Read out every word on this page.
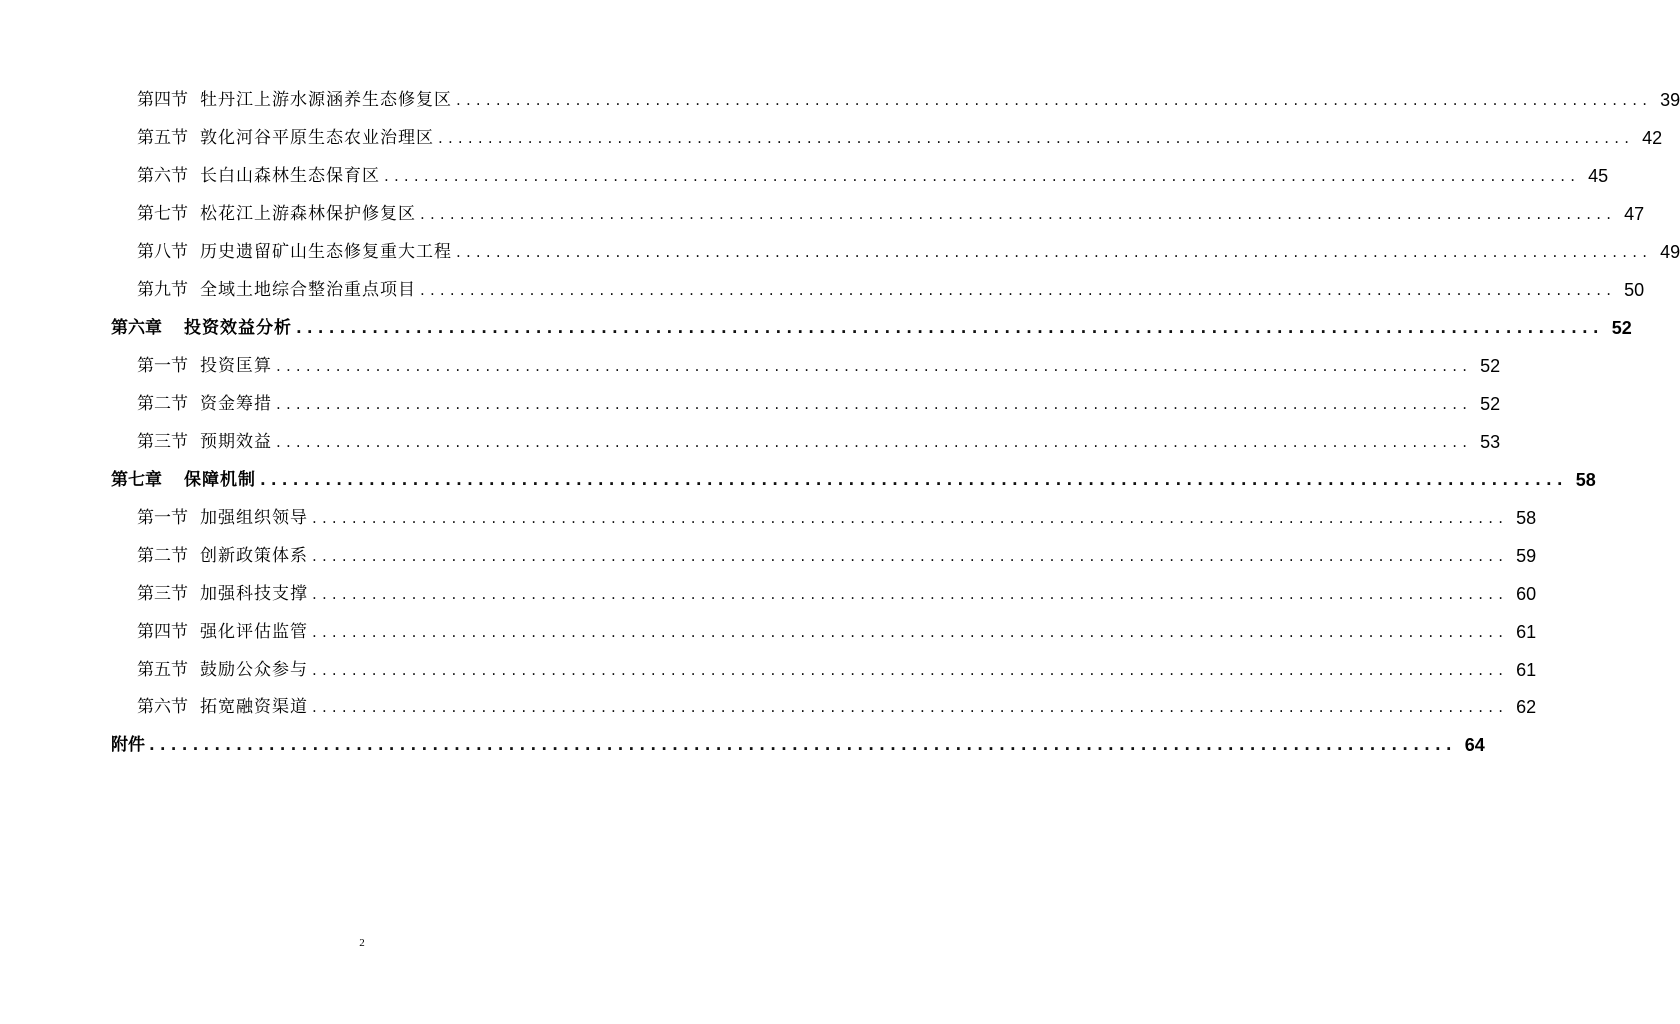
第四节 牡丹江上游水源涵养生态修复区 ........................................................................................................................ 39
第五节 敦化河谷平原生态农业治理区 ........................................................................................................................ 42
第六节 长白山森林生态保育区 ........................................................................................................................ 45
第七节 松花江上游森林保护修复区 ........................................................................................................................ 47
第八节 历史遗留矿山生态修复重大工程 ........................................................................................................................ 49
第九节 全域土地综合整治重点项目 ........................................................................................................................ 50
第六章 投资效益分析 ........................................................................................................................ 52
第一节 投资匡算 ........................................................................................................................ 52
第二节 资金筹措 ........................................................................................................................ 52
第三节 预期效益 ........................................................................................................................ 53
第七章 保障机制 ........................................................................................................................ 58
第一节 加强组织领导 ........................................................................................................................ 58
第二节 创新政策体系 ........................................................................................................................ 59
第三节 加强科技支撑 ........................................................................................................................ 60
第四节 强化评估监管 ........................................................................................................................ 61
第五节 鼓励公众参与 ........................................................................................................................ 61
第六节 拓宽融资渠道 ........................................................................................................................ 62
附件 ........................................................................................................................ 64
2
